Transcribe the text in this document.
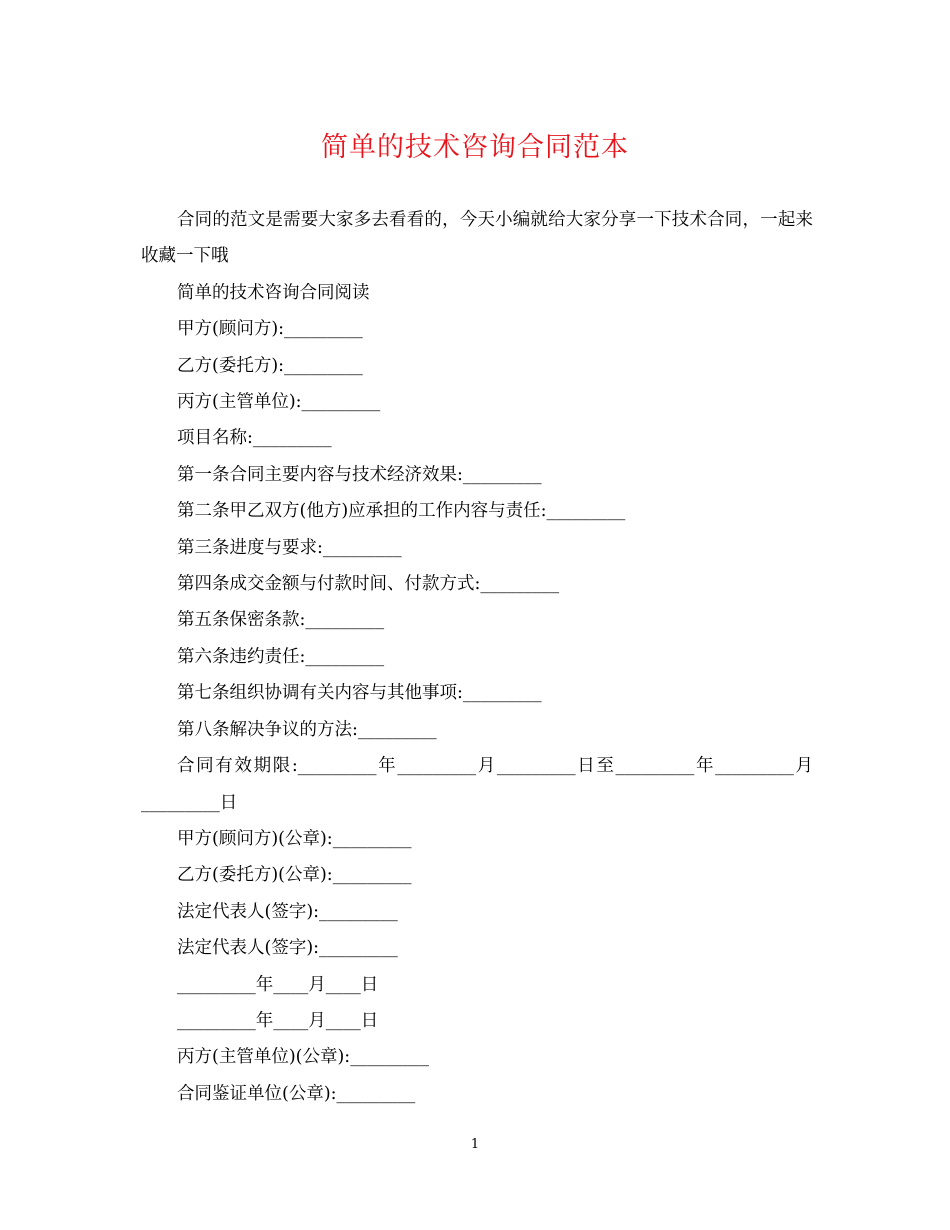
简单的技术咨询合同范本

合同的范文是需要大家多去看看的，今天小编就给大家分享一下技术合同，一起来收藏一下哦

简单的技术咨询合同阅读

甲方(顾问方):_________

乙方(委托方):_________

丙方(主管单位):_________

项目名称:_________

第一条合同主要内容与技术经济效果:_________

第二条甲乙双方(他方)应承担的工作内容与责任:_________

第三条进度与要求:_________

第四条成交金额与付款时间、付款方式:_________

第五条保密条款:_________

第六条违约责任:_________

第七条组织协调有关内容与其他事项:_________

第八条解决争议的方法:_________

合同有效期限:_________年_________月_________日至_________年_________月_________日

甲方(顾问方)(公章):_________

乙方(委托方)(公章):_________

法定代表人(签字):_________

法定代表人(签字):_________

_________年____月____日

_________年____月____日

丙方(主管单位)(公章):_________

合同鉴证单位(公章):_________

1
